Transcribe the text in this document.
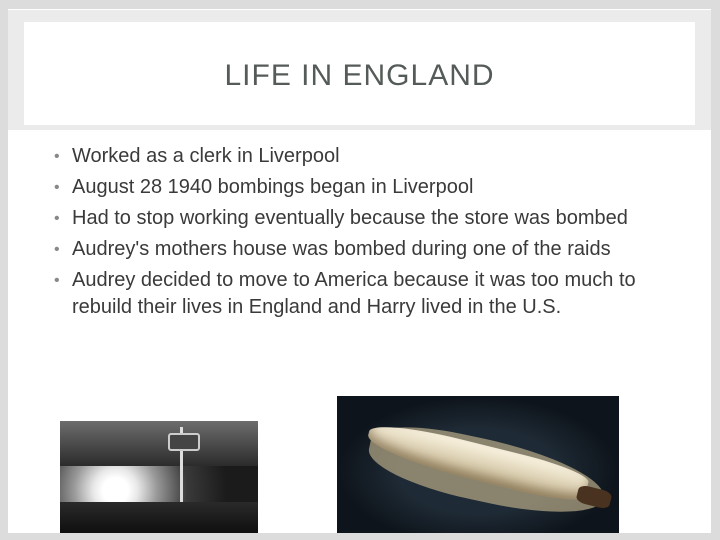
LIFE IN ENGLAND
• Worked as a clerk in Liverpool
• August 28 1940 bombings began in Liverpool
• Had to stop working eventually because the store was bombed
• Audrey's mothers house was bombed during one of the raids
• Audrey decided to move to America because it was too much to rebuild their lives in England and Harry lived in the U.S.
